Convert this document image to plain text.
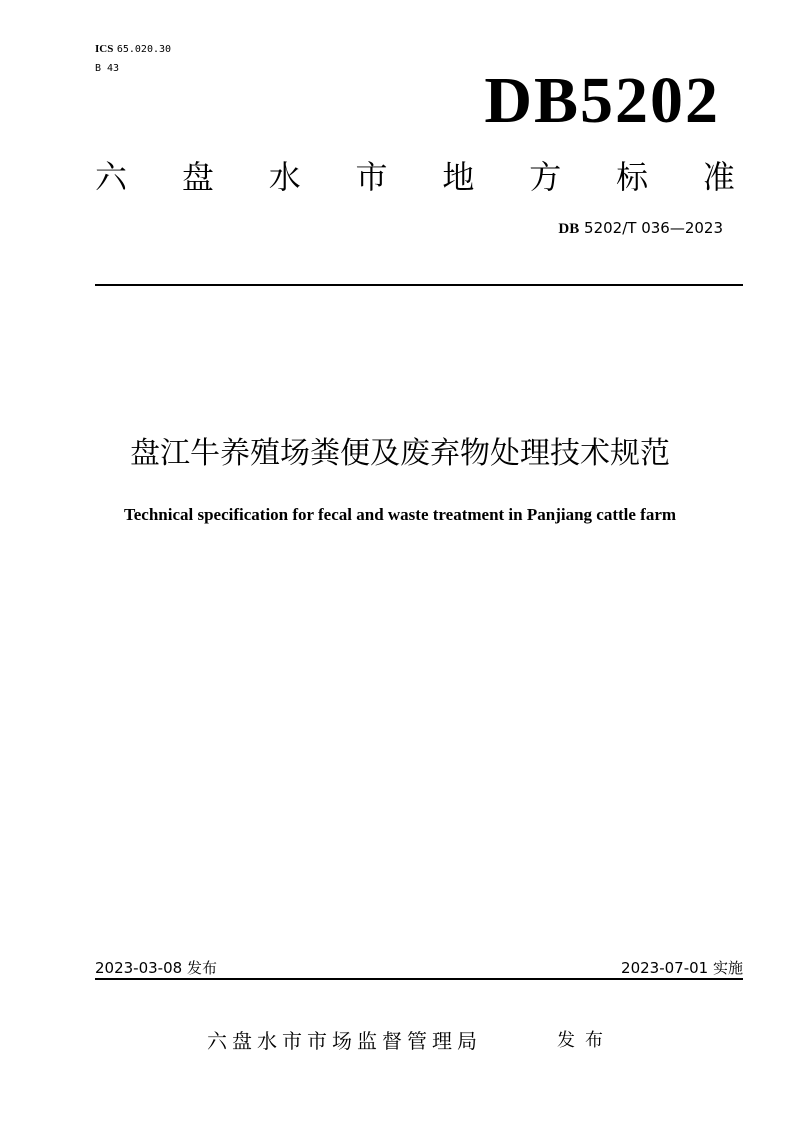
ICS 65.020.30
B 43	DB5202
六 盘 水 市 地 方 标 准
DB 5202/T 036—2023
盘江牛养殖场粪便及废弃物处理技术规范
Technical specification for fecal and waste treatment in Panjiang cattle farm
2023-03-08 发布	2023-07-01 实施
六盘水市市场监督管理局	发布
